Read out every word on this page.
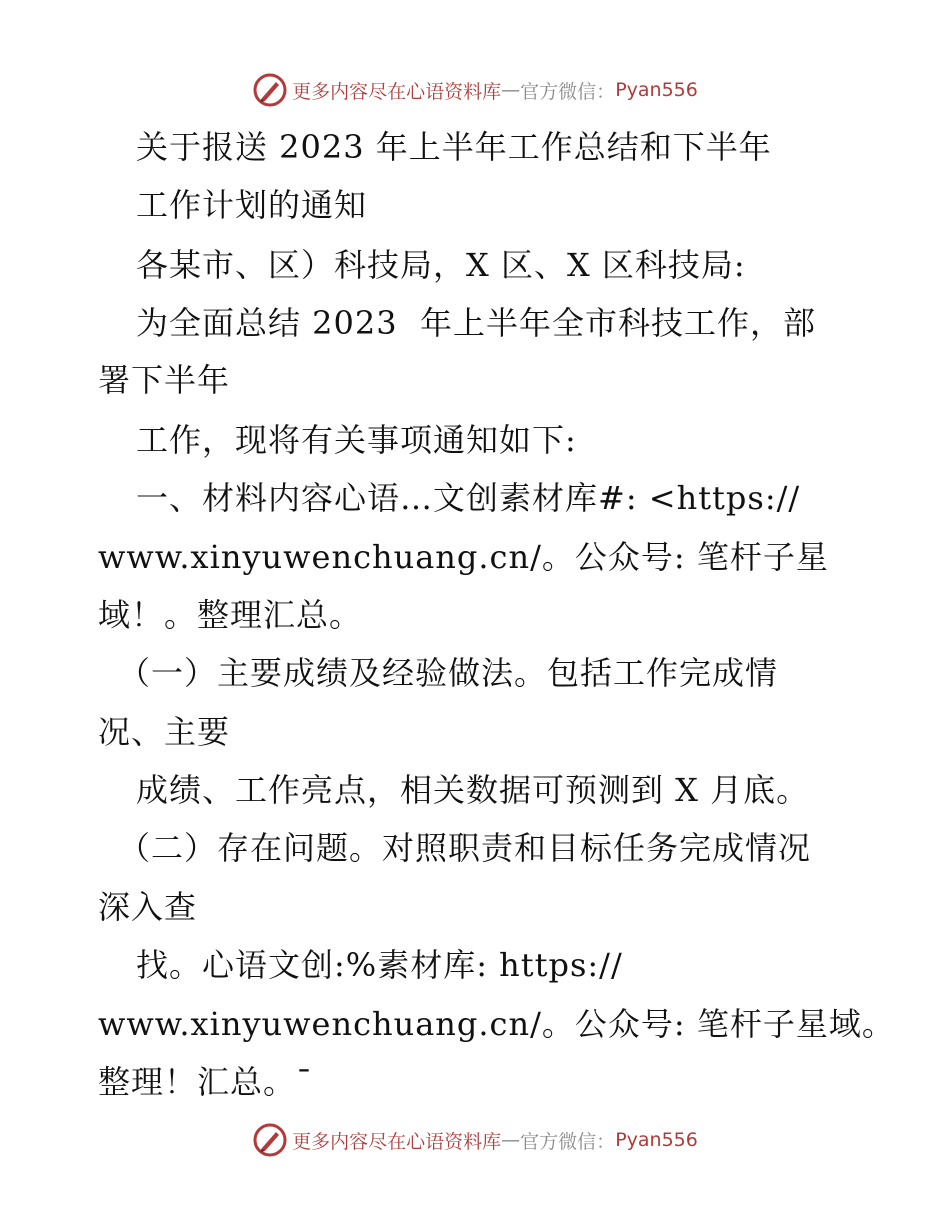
更多内容尽在心语资料库 — 官方微信： Pyan556
关于报送 2023 年上半年工作总结和下半年
工作计划的通知
各某市、区）科技局，X 区、X 区科技局:
为全面总结 2023  年上半年全市科技工作，部
署下半年
工作，现将有关事项通知如下:
一、材料内容心语…文创素材库#: <https://
www.xinyuwenchuang.cn/。公众号: 笔杆子星
域！。整理汇总。
（一）主要成绩及经验做法。包括工作完成情
况、主要
成绩、工作亮点，相关数据可预测到 X 月底。
（二）存在问题。对照职责和目标任务完成情况
深入查
找。心语文创:%素材库: https://
www.xinyuwenchuang.cn/。公众号: 笔杆子星域。
整理！汇总。¯
更多内容尽在心语资料库 — 官方微信： Pyan556
